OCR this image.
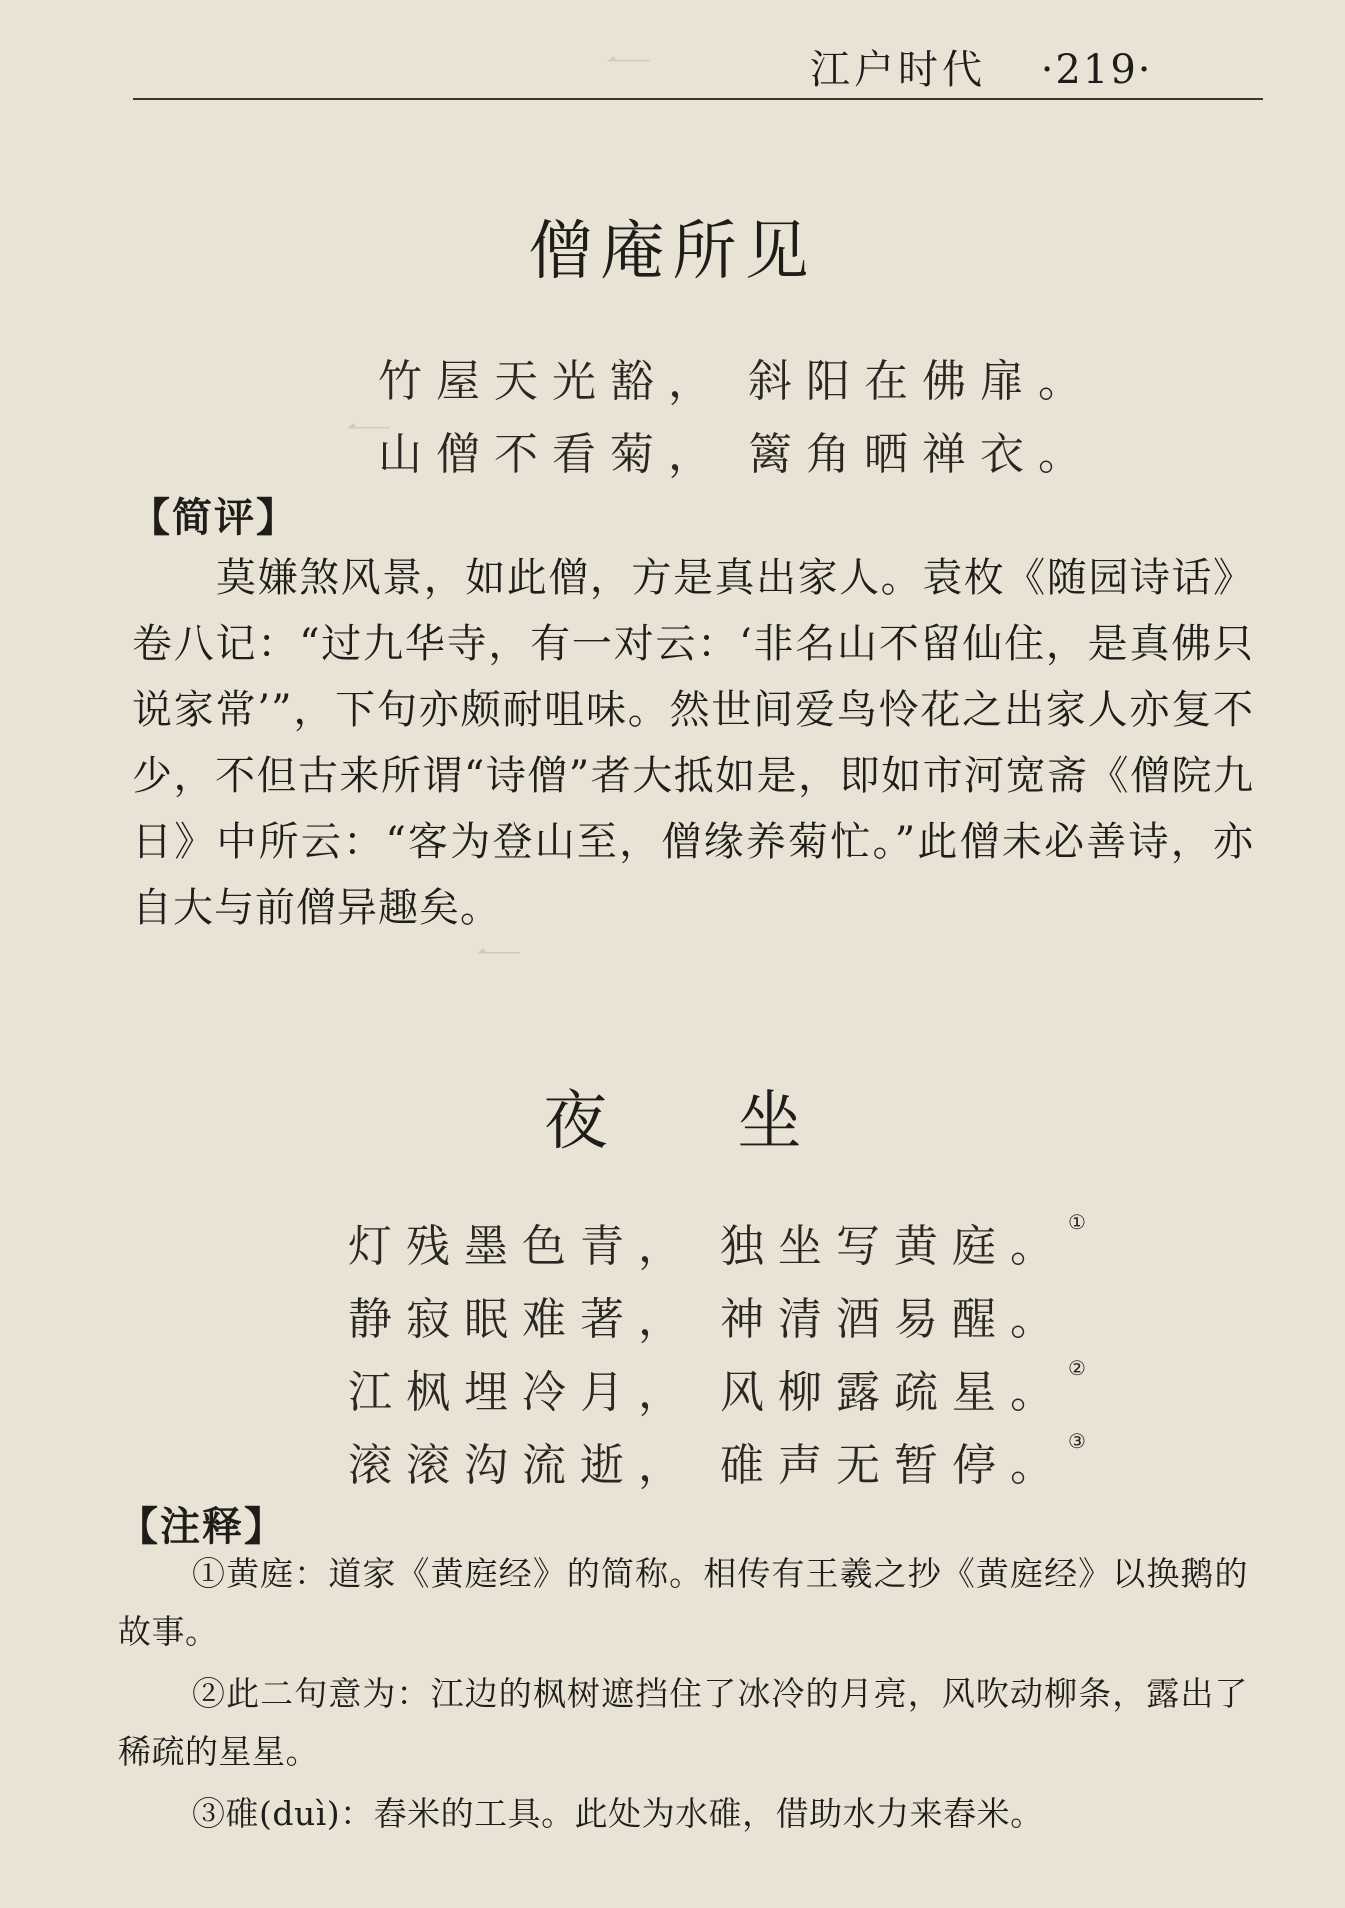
一
一
一
江户时代 ·219·
僧庵所见
竹屋天光豁， 斜阳在佛扉。
山僧不看菊， 篱角晒禅衣。
【简评】

莫嫌煞风景，如此僧，方是真出家人。袁枚《随园诗话》卷八记：“过九华寺，有一对云：‘非名山不留仙住，是真佛只说家常’”，下句亦颇耐咀味。然世间爱鸟怜花之出家人亦复不少，不但古来所谓“诗僧”者大抵如是，即如市河宽斋《僧院九日》中所云：“客为登山至，僧缘养菊忙。”此僧未必善诗，亦自大与前僧异趣矣。

夜坐
灯残墨色青， 独坐写黄庭。①
静寂眠难著， 神清酒易醒。
江枫埋冷月， 风柳露疏星。②
滚滚沟流逝， 碓声无暂停。③
【注释】

①黄庭：道家《黄庭经》的简称。相传有王羲之抄《黄庭经》以换鹅的故事。

②此二句意为：江边的枫树遮挡住了冰冷的月亮，风吹动柳条，露出了稀疏的星星。

③碓(duì)：舂米的工具。此处为水碓，借助水力来舂米。
